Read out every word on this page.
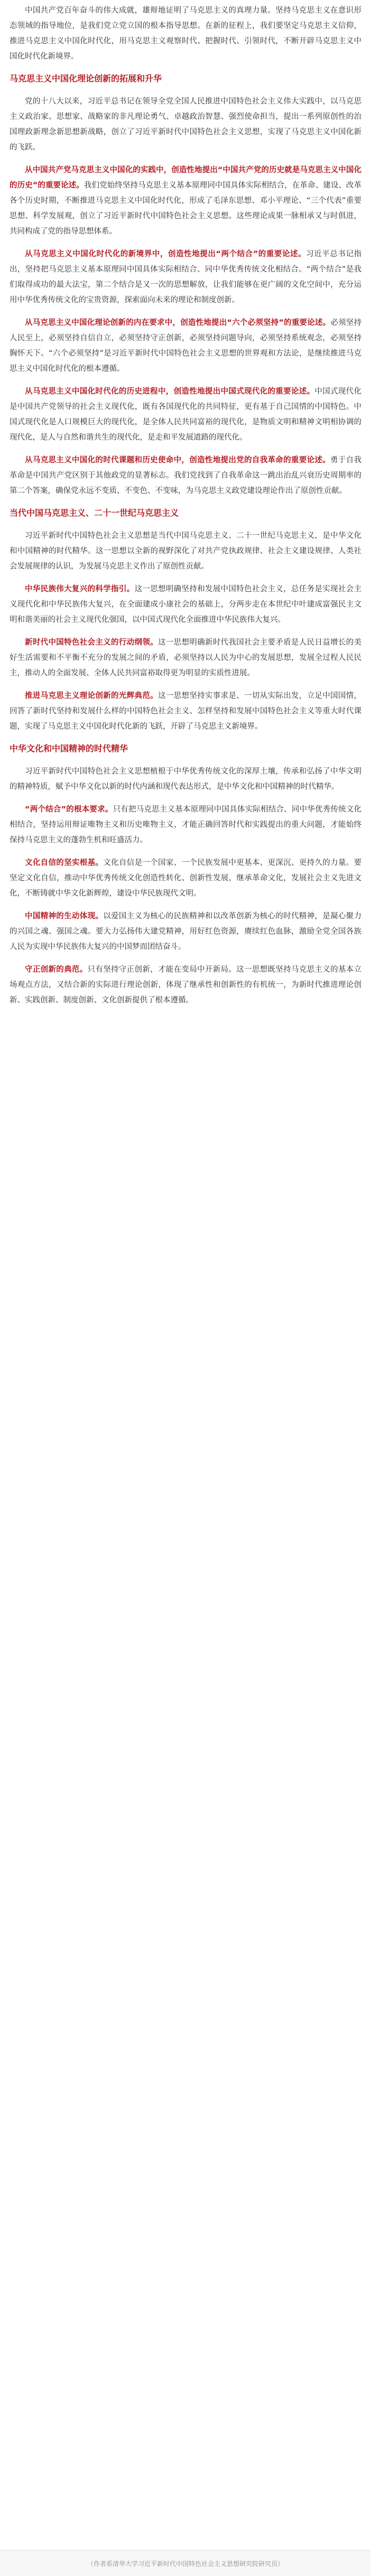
中国共产党百年奋斗的伟大成就，雄辩地证明了马克思主义的真理力量。坚持马克思主义在意识形态领域的指导地位，是我们党立党立国的根本指导思想。在新的征程上，我们要坚定马克思主义信仰，推进马克思主义中国化时代化，用马克思主义观察时代、把握时代、引领时代，不断开辟马克思主义中国化时代化新境界。

马克思主义中国化理论创新的拓展和升华

党的十八大以来，习近平总书记在领导全党全国人民推进中国特色社会主义伟大实践中，以马克思主义政治家、思想家、战略家的非凡理论勇气、卓越政治智慧、强烈使命担当，提出一系列原创性的治国理政新理念新思想新战略，创立了习近平新时代中国特色社会主义思想，实现了马克思主义中国化新的飞跃。

从中国共产党马克思主义中国化的实践中，创造性地提出“中国共产党的历史就是马克思主义中国化的历史”的重要论述。我们党始终坚持马克思主义基本原理同中国具体实际相结合，在革命、建设、改革各个历史时期，不断推进马克思主义中国化时代化，形成了毛泽东思想、邓小平理论、“三个代表”重要思想、科学发展观，创立了习近平新时代中国特色社会主义思想。这些理论成果一脉相承又与时俱进，共同构成了党的指导思想体系。

从马克思主义中国化时代化的新境界中，创造性地提出“两个结合”的重要论述。习近平总书记指出，坚持把马克思主义基本原理同中国具体实际相结合、同中华优秀传统文化相结合。“两个结合”是我们取得成功的最大法宝，第二个结合是又一次的思想解放，让我们能够在更广阔的文化空间中，充分运用中华优秀传统文化的宝贵资源，探索面向未来的理论和制度创新。

从马克思主义中国化理论创新的内在要求中，创造性地提出“六个必须坚持”的重要论述。必须坚持人民至上，必须坚持自信自立，必须坚持守正创新，必须坚持问题导向，必须坚持系统观念，必须坚持胸怀天下。“六个必须坚持”是习近平新时代中国特色社会主义思想的世界观和方法论，是继续推进马克思主义中国化时代化的根本遵循。

从马克思主义中国化时代化的历史进程中，创造性地提出中国式现代化的重要论述。中国式现代化是中国共产党领导的社会主义现代化，既有各国现代化的共同特征，更有基于自己国情的中国特色。中国式现代化是人口规模巨大的现代化，是全体人民共同富裕的现代化，是物质文明和精神文明相协调的现代化，是人与自然和谐共生的现代化，是走和平发展道路的现代化。

从马克思主义中国化的时代课题和历史使命中，创造性地提出党的自我革命的重要论述。勇于自我革命是中国共产党区别于其他政党的显著标志。我们党找到了自我革命这一跳出治乱兴衰历史周期率的第二个答案，确保党永远不变质、不变色、不变味，为马克思主义政党建设理论作出了原创性贡献。

当代中国马克思主义、二十一世纪马克思主义

习近平新时代中国特色社会主义思想是当代中国马克思主义、二十一世纪马克思主义，是中华文化和中国精神的时代精华。这一思想以全新的视野深化了对共产党执政规律、社会主义建设规律、人类社会发展规律的认识，为发展马克思主义作出了原创性贡献。

中华民族伟大复兴的科学指引。这一思想明确坚持和发展中国特色社会主义，总任务是实现社会主义现代化和中华民族伟大复兴，在全面建成小康社会的基础上，分两步走在本世纪中叶建成富强民主文明和谐美丽的社会主义现代化强国，以中国式现代化全面推进中华民族伟大复兴。

新时代中国特色社会主义的行动纲领。这一思想明确新时代我国社会主要矛盾是人民日益增长的美好生活需要和不平衡不充分的发展之间的矛盾，必须坚持以人民为中心的发展思想，发展全过程人民民主，推动人的全面发展、全体人民共同富裕取得更为明显的实质性进展。

推进马克思主义理论创新的光辉典范。这一思想坚持实事求是、一切从实际出发，立足中国国情，回答了新时代坚持和发展什么样的中国特色社会主义、怎样坚持和发展中国特色社会主义等重大时代课题，实现了马克思主义中国化时代化新的飞跃，开辟了马克思主义新境界。

中华文化和中国精神的时代精华

习近平新时代中国特色社会主义思想植根于中华优秀传统文化的深厚土壤，传承和弘扬了中华文明的精神特质，赋予中华文化以新的时代内涵和现代表达形式，是中华文化和中国精神的时代精华。

“两个结合”的根本要求。只有把马克思主义基本原理同中国具体实际相结合、同中华优秀传统文化相结合，坚持运用辩证唯物主义和历史唯物主义，才能正确回答时代和实践提出的重大问题，才能始终保持马克思主义的蓬勃生机和旺盛活力。

文化自信的坚实根基。文化自信是一个国家、一个民族发展中更基本、更深沉、更持久的力量。要坚定文化自信，推动中华优秀传统文化创造性转化、创新性发展，继承革命文化，发展社会主义先进文化，不断铸就中华文化新辉煌，建设中华民族现代文明。

中国精神的生动体现。以爱国主义为核心的民族精神和以改革创新为核心的时代精神，是凝心聚力的兴国之魂、强国之魂。要大力弘扬伟大建党精神，用好红色资源，赓续红色血脉，激励全党全国各族人民为实现中华民族伟大复兴的中国梦而团结奋斗。

守正创新的典范。只有坚持守正创新，才能在变局中开新局。这一思想既坚持马克思主义的基本立场观点方法，又结合新的实际进行理论创新，体现了继承性和创新性的有机统一，为新时代推进理论创新、实践创新、制度创新、文化创新提供了根本遵循。

（作者系清华大学习近平新时代中国特色社会主义思想研究院研究员）
